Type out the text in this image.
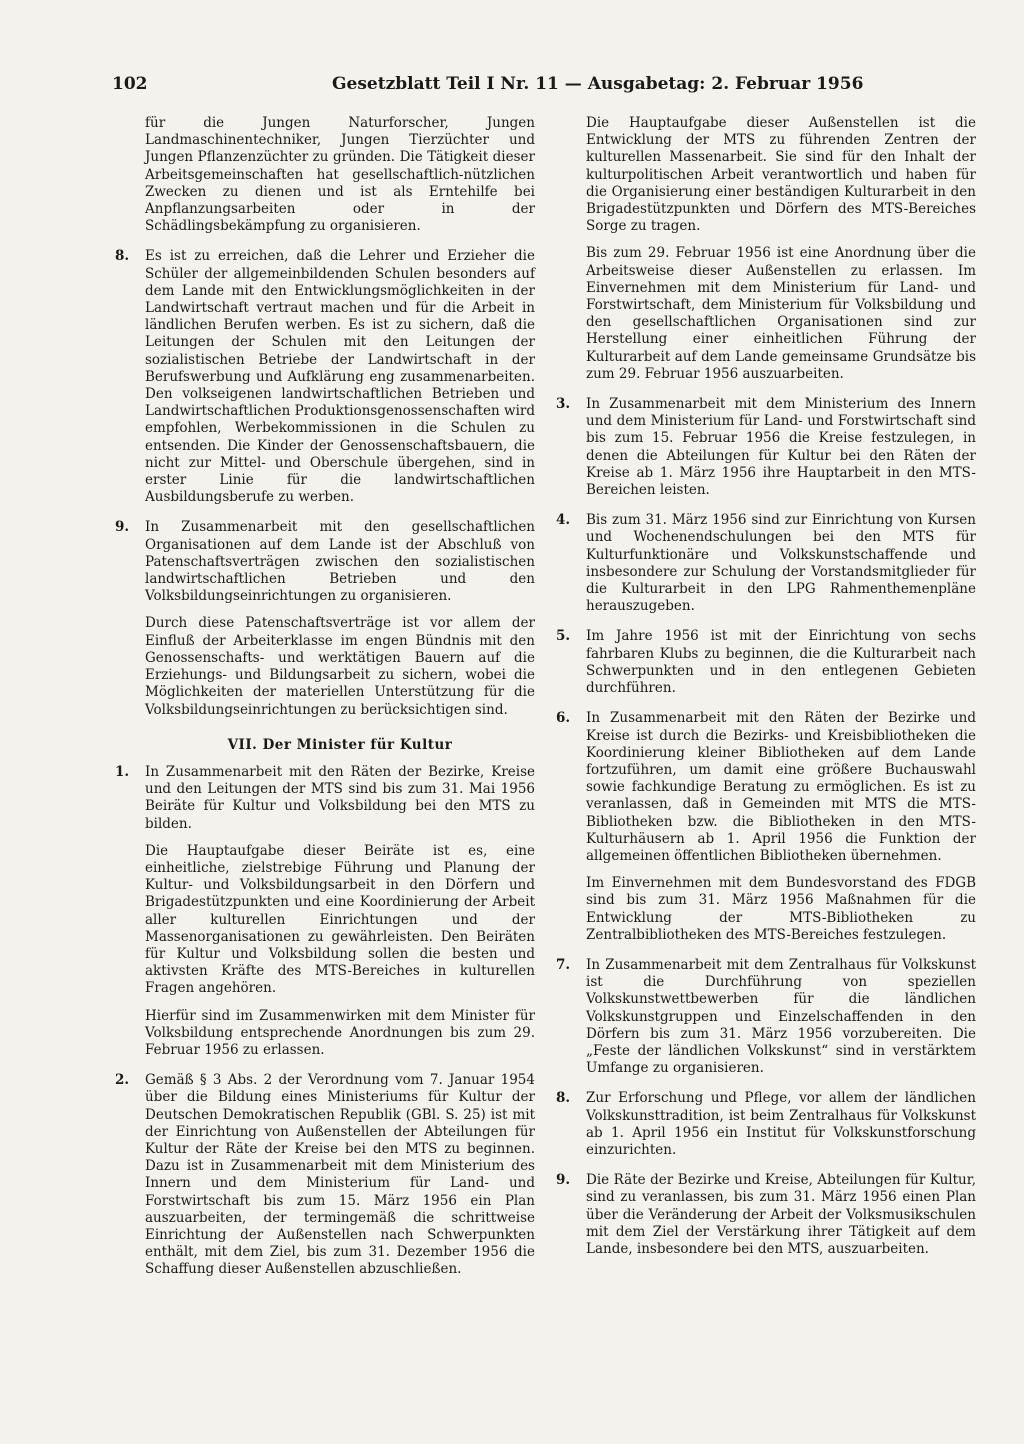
102	Gesetzblatt Teil I Nr. 11 — Ausgabetag: 2. Februar 1956

für die Jungen Naturforscher, Jungen Landmaschinentechniker, Jungen Tierzüchter und Jungen Pflanzenzüchter zu gründen. Die Tätigkeit dieser Arbeitsgemeinschaften hat gesellschaftlich-nützlichen Zwecken zu dienen und ist als Erntehilfe bei Anpflanzungsarbeiten oder in der Schädlingsbekämpfung zu organisieren.

8. Es ist zu erreichen, daß die Lehrer und Erzieher die Schüler der allgemeinbildenden Schulen besonders auf dem Lande mit den Entwicklungsmöglichkeiten in der Landwirtschaft vertraut machen und für die Arbeit in ländlichen Berufen werben. Es ist zu sichern, daß die Leitungen der Schulen mit den Leitungen der sozialistischen Betriebe der Landwirtschaft in der Berufswerbung und Aufklärung eng zusammenarbeiten. Den volkseigenen landwirtschaftlichen Betrieben und Landwirtschaftlichen Produktionsgenossenschaften wird empfohlen, Werbekommissionen in die Schulen zu entsenden. Die Kinder der Genossenschaftsbauern, die nicht zur Mittel- und Oberschule übergehen, sind in erster Linie für die landwirtschaftlichen Ausbildungsberufe zu werben.

9. In Zusammenarbeit mit den gesellschaftlichen Organisationen auf dem Lande ist der Abschluß von Patenschaftsverträgen zwischen den sozialistischen landwirtschaftlichen Betrieben und den Volksbildungseinrichtungen zu organisieren.

Durch diese Patenschaftsverträge ist vor allem der Einfluß der Arbeiterklasse im engen Bündnis mit den Genossenschafts- und werktätigen Bauern auf die Erziehungs- und Bildungsarbeit zu sichern, wobei die Möglichkeiten der materiellen Unterstützung für die Volksbildungseinrichtungen zu berücksichtigen sind.

VII. Der Minister für Kultur
1. In Zusammenarbeit mit den Räten der Bezirke, Kreise und den Leitungen der MTS sind bis zum 31. Mai 1956 Beiräte für Kultur und Volksbildung bei den MTS zu bilden.

Die Hauptaufgabe dieser Beiräte ist es, eine einheitliche, zielstrebige Führung und Planung der Kultur- und Volksbildungsarbeit in den Dörfern und Brigadestützpunkten und eine Koordinierung der Arbeit aller kulturellen Einrichtungen und der Massenorganisationen zu gewährleisten. Den Beiräten für Kultur und Volksbildung sollen die besten und aktivsten Kräfte des MTS-Bereiches in kulturellen Fragen angehören.

Hierfür sind im Zusammenwirken mit dem Minister für Volksbildung entsprechende Anordnungen bis zum 29. Februar 1956 zu erlassen.

2. Gemäß § 3 Abs. 2 der Verordnung vom 7. Januar 1954 über die Bildung eines Ministeriums für Kultur der Deutschen Demokratischen Republik (GBl. S. 25) ist mit der Einrichtung von Außenstellen der Abteilungen für Kultur der Räte der Kreise bei den MTS zu beginnen. Dazu ist in Zusammenarbeit mit dem Ministerium des Innern und dem Ministerium für Land- und Forstwirtschaft bis zum 15. März 1956 ein Plan auszuarbeiten, der termingemäß die schrittweise Einrichtung der Außenstellen nach Schwerpunkten enthält, mit dem Ziel, bis zum 31. Dezember 1956 die Schaffung dieser Außenstellen abzuschließen.

Die Hauptaufgabe dieser Außenstellen ist die Entwicklung der MTS zu führenden Zentren der kulturellen Massenarbeit. Sie sind für den Inhalt der kulturpolitischen Arbeit verantwortlich und haben für die Organisierung einer beständigen Kulturarbeit in den Brigadestützpunkten und Dörfern des MTS-Bereiches Sorge zu tragen.

Bis zum 29. Februar 1956 ist eine Anordnung über die Arbeitsweise dieser Außenstellen zu erlassen. Im Einvernehmen mit dem Ministerium für Land- und Forstwirtschaft, dem Ministerium für Volksbildung und den gesellschaftlichen Organisationen sind zur Herstellung einer einheitlichen Führung der Kulturarbeit auf dem Lande gemeinsame Grundsätze bis zum 29. Februar 1956 auszuarbeiten.

3. In Zusammenarbeit mit dem Ministerium des Innern und dem Ministerium für Land- und Forstwirtschaft sind bis zum 15. Februar 1956 die Kreise festzulegen, in denen die Abteilungen für Kultur bei den Räten der Kreise ab 1. März 1956 ihre Hauptarbeit in den MTS-Bereichen leisten.

4. Bis zum 31. März 1956 sind zur Einrichtung von Kursen und Wochenendschulungen bei den MTS für Kulturfunktionäre und Volkskunstschaffende und insbesondere zur Schulung der Vorstandsmitglieder für die Kulturarbeit in den LPG Rahmenthemenpläne herauszugeben.

5. Im Jahre 1956 ist mit der Einrichtung von sechs fahrbaren Klubs zu beginnen, die die Kulturarbeit nach Schwerpunkten und in den entlegenen Gebieten durchführen.

6. In Zusammenarbeit mit den Räten der Bezirke und Kreise ist durch die Bezirks- und Kreisbibliotheken die Koordinierung kleiner Bibliotheken auf dem Lande fortzuführen, um damit eine größere Buchauswahl sowie fachkundige Beratung zu ermöglichen. Es ist zu veranlassen, daß in Gemeinden mit MTS die MTS-Bibliotheken bzw. die Bibliotheken in den MTS-Kulturhäusern ab 1. April 1956 die Funktion der allgemeinen öffentlichen Bibliotheken übernehmen.

Im Einvernehmen mit dem Bundesvorstand des FDGB sind bis zum 31. März 1956 Maßnahmen für die Entwicklung der MTS-Bibliotheken zu Zentralbibliotheken des MTS-Bereiches festzulegen.

7. In Zusammenarbeit mit dem Zentralhaus für Volkskunst ist die Durchführung von speziellen Volkskunstwettbewerben für die ländlichen Volkskunstgruppen und Einzelschaffenden in den Dörfern bis zum 31. März 1956 vorzubereiten. Die „Feste der ländlichen Volkskunst“ sind in verstärktem Umfange zu organisieren.

8. Zur Erforschung und Pflege, vor allem der ländlichen Volkskunsttradition, ist beim Zentralhaus für Volkskunst ab 1. April 1956 ein Institut für Volkskunstforschung einzurichten.

9. Die Räte der Bezirke und Kreise, Abteilungen für Kultur, sind zu veranlassen, bis zum 31. März 1956 einen Plan über die Veränderung der Arbeit der Volksmusikschulen mit dem Ziel der Verstärkung ihrer Tätigkeit auf dem Lande, insbesondere bei den MTS, auszuarbeiten.
